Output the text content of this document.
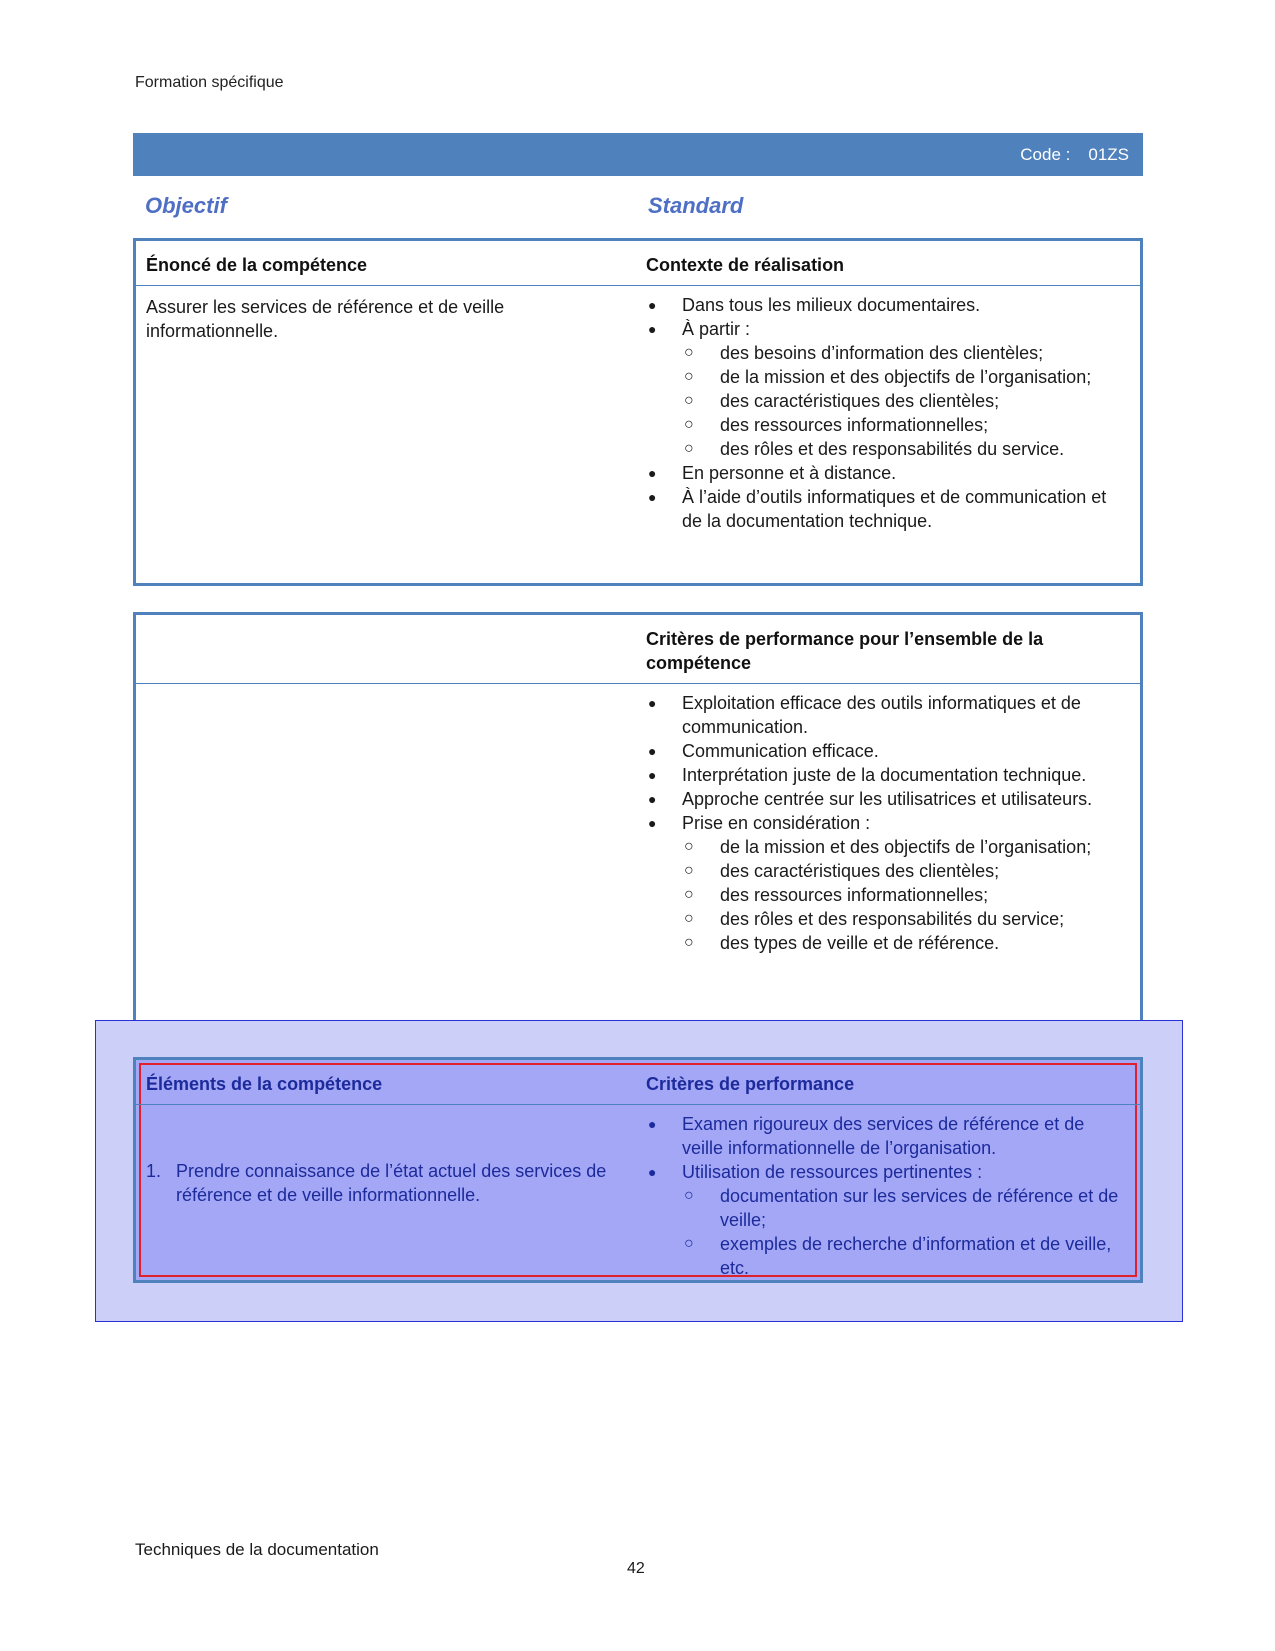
Formation spécifique
Code : 01ZS
Objectif	Standard
Énoncé de la compétence	Contexte de réalisation
Assurer les services de référence et de veille informationnelle.
●	Dans tous les milieux documentaires.
●	À partir :
○	des besoins d’information des clientèles;
○	de la mission et des objectifs de l’organisation;
○	des caractéristiques des clientèles;
○	des ressources informationnelles;
○	des rôles et des responsabilités du service.
●	En personne et à distance.
●	À l’aide d’outils informatiques et de communication et de la documentation technique.
Critères de performance pour l’ensemble de la compétence
●	Exploitation efficace des outils informatiques et de communication.
●	Communication efficace.
●	Interprétation juste de la documentation technique.
●	Approche centrée sur les utilisatrices et utilisateurs.
●	Prise en considération :
○	de la mission et des objectifs de l’organisation;
○	des caractéristiques des clientèles;
○	des ressources informationnelles;
○	des rôles et des responsabilités du service;
○	des types de veille et de référence.
Éléments de la compétence	Critères de performance
1. Prendre connaissance de l’état actuel des services de référence et de veille informationnelle.
●	Examen rigoureux des services de référence et de veille informationnelle de l’organisation.
●	Utilisation de ressources pertinentes :
○	documentation sur les services de référence et de veille;
○	exemples de recherche d’information et de veille, etc.
Techniques de la documentation
42
